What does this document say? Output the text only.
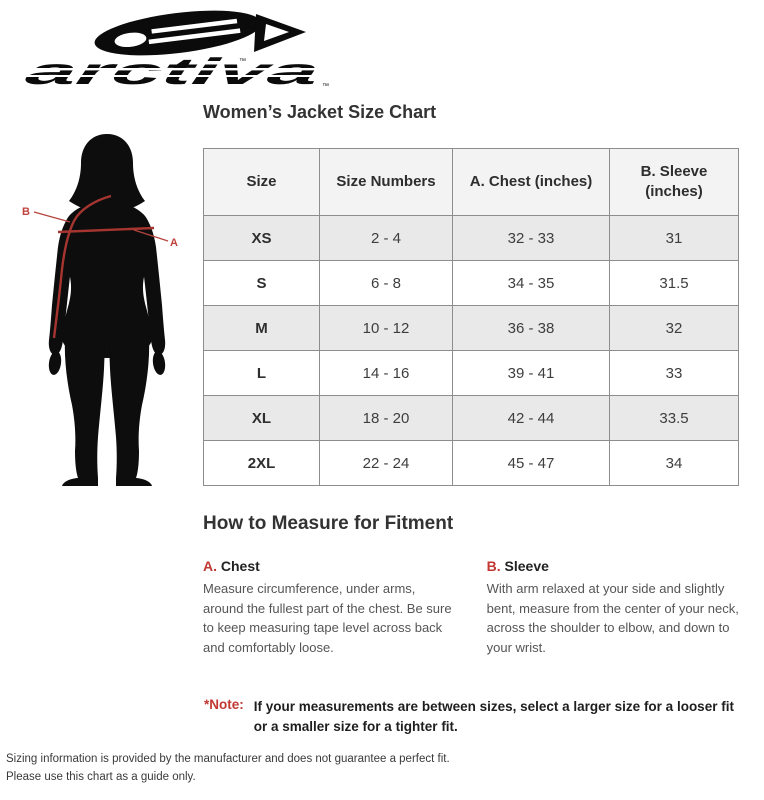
™
™
Women’s Jacket Size Chart
A
B
Size	Size Numbers	A. Chest (inches)	B. Sleeve (inches)
XS	2 - 4	32 - 33	31
S	6 - 8	34 - 35	31.5
M	10 - 12	36 - 38	32
L	14 - 16	39 - 41	33
XL	18 - 20	42 - 44	33.5
2XL	22 - 24	45 - 47	34
How to Measure for Fitment
A. Chest

Measure circumference, under arms, around the fullest part of the chest. Be sure to keep measuring tape level across back and comfortably loose.

B. Sleeve

With arm relaxed at your side and slightly bent, measure from the center of your neck, across the shoulder to elbow, and down to your wrist.

*Note: If your measurements are between sizes, select a larger size for a looser fit or a smaller size for a tighter fit.
Sizing information is provided by the manufacturer and does not guarantee a perfect fit.
Please use this chart as a guide only.
